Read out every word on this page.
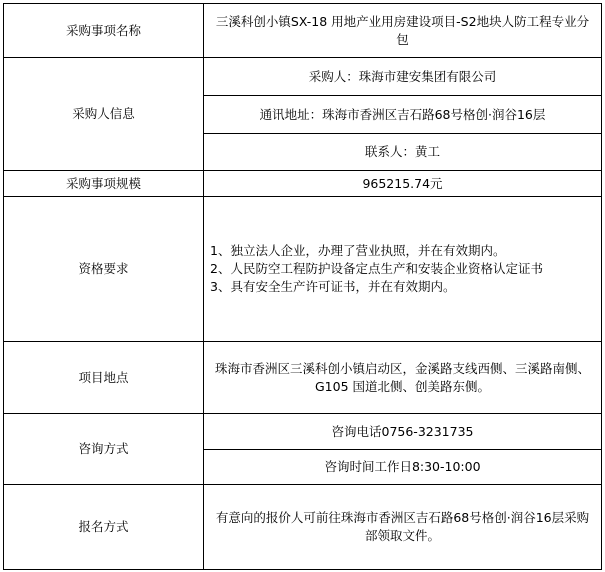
采购事项名称	三溪科创小镇SX-18 用地产业用房建设项目-S2地块人防工程专业分包
采购人信息	采购人：珠海市建安集团有限公司
	通讯地址：珠海市香洲区吉石路68号格创·润谷16层
	联系人：黄工
采购事项规模	965215.74元
资格要求	1、独立法人企业，办理了营业执照，并在有效期内。
2、人民防空工程防护设备定点生产和安装企业资格认定证书
3、具有安全生产许可证书，并在有效期内。

项目地点	珠海市香洲区三溪科创小镇启动区，金溪路支线西侧、三溪路南侧、
G105 国道北侧、创美路东侧。

咨询方式	咨询电话0756-3231735
	咨询时间工作日8:30-10:00
报名方式	有意向的报价人可前往珠海市香洲区吉石路68号格创·润谷16层采购部领取文件。
